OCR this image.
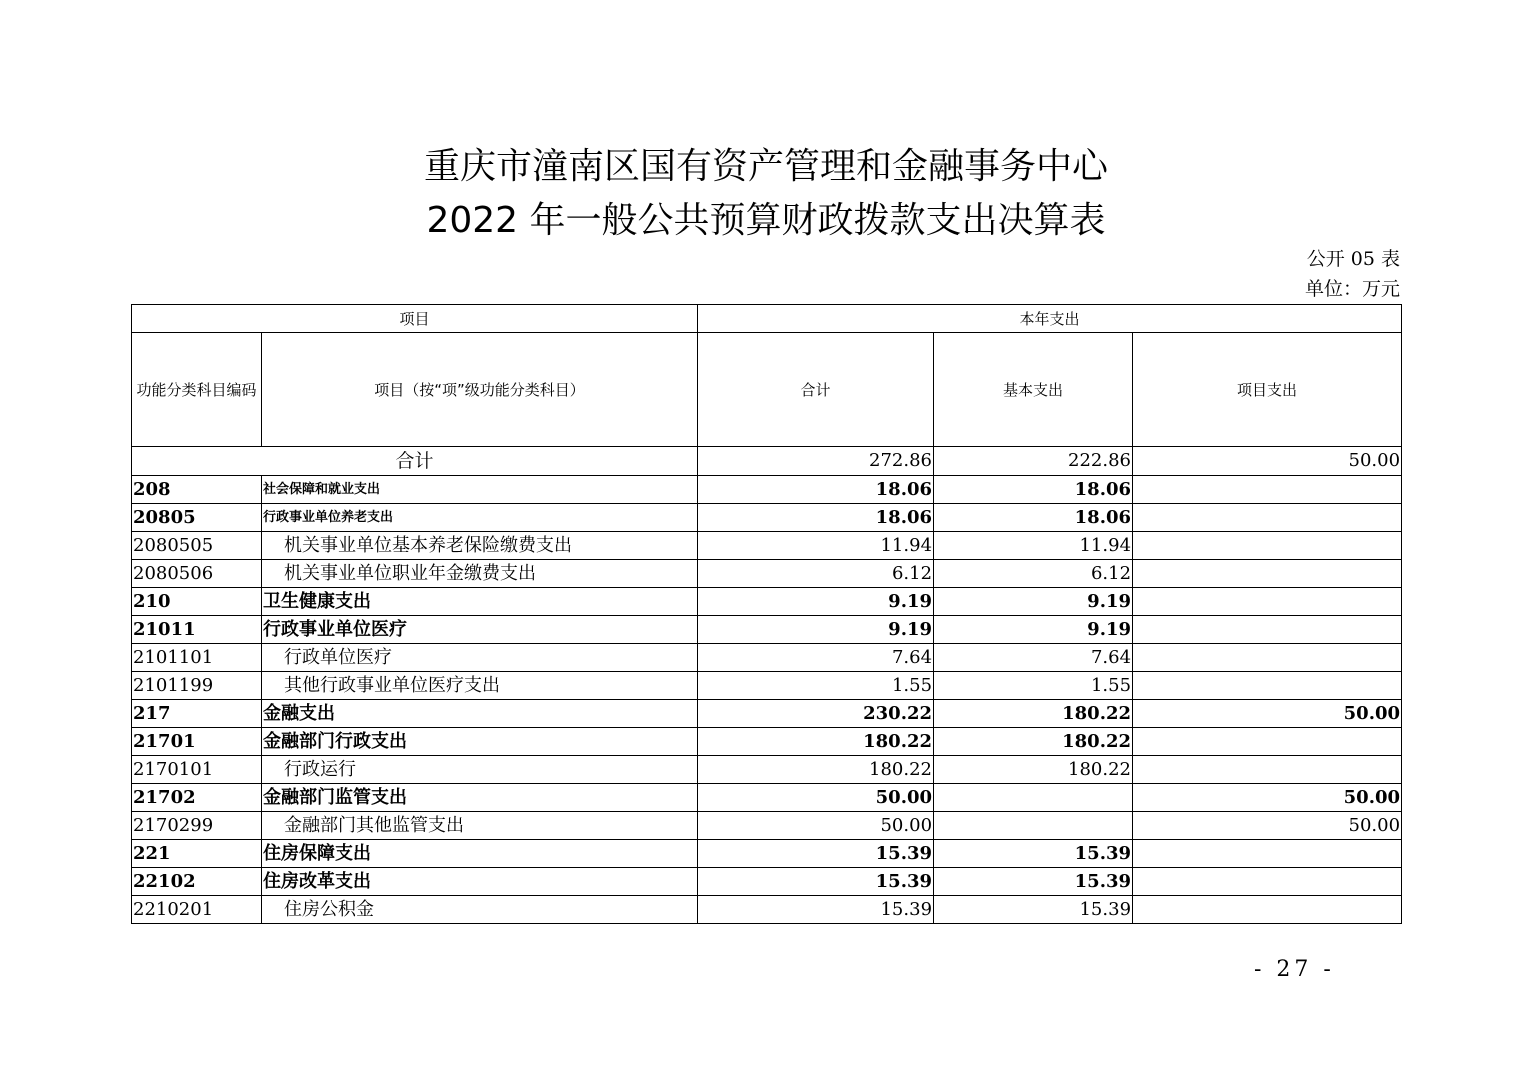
重庆市潼南区国有资产管理和金融事务中心
2022 年一般公共预算财政拨款支出决算表
公开 05 表
单位：万元
项目		本年支出		
功能分类科目编码	项目（按“项”级功能分类科目）	合计	基本支出	项目支出
合计		272.86	222.86	50.00
208	社会保障和就业支出	18.06	18.06	
20805	行政事业单位养老支出	18.06	18.06	
2080505	机关事业单位基本养老保险缴费支出	11.94	11.94	
2080506	机关事业单位职业年金缴费支出	6.12	6.12	
210	卫生健康支出	9.19	9.19	
21011	行政事业单位医疗	9.19	9.19	
2101101	行政单位医疗	7.64	7.64	
2101199	其他行政事业单位医疗支出	1.55	1.55	
217	金融支出	230.22	180.22	50.00
21701	金融部门行政支出	180.22	180.22	
2170101	行政运行	180.22	180.22	
21702	金融部门监管支出	50.00		50.00
2170299	金融部门其他监管支出	50.00		50.00
221	住房保障支出	15.39	15.39	
22102	住房改革支出	15.39	15.39	
2210201	住房公积金	15.39	15.39	
- 27 -
